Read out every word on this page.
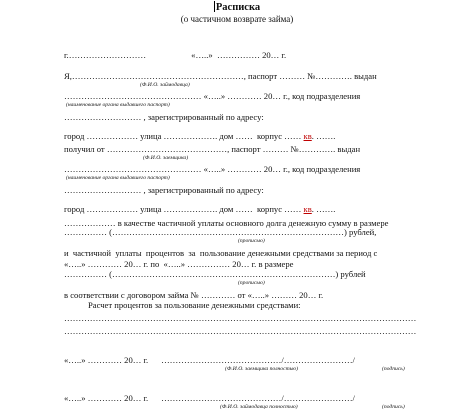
Расписка
(о частичном возврате займа)
г.………………………                     «…..»  …………… 20… г.
Я,……………………………………………………, паспорт ……… №…………. выдан
(Ф.И.О. займодавца)
………………………………………… «…..» ………… 20… г., код подразделения
(наименование органа выдавшего паспорт)
……………………… , зарегистрированный по адресу:
город ……………… улица ………………. дом ……  корпус …… кв. …….
получил от ……………………………………, паспорт ……… №…………. выдан
(Ф.И.О. заемщика)
………………………………………… «…..» ………… 20… г., код подразделения
(наименование органа выдавшего паспорт)
……………………… , зарегистрированный по адресу:
город ……………… улица ………………. дом ……  корпус …… кв. …….
……………… в качестве частичной уплаты основного долга денежную сумму в размере
…………… (………………………………………………………………………) рублей,
(прописью)
и  частичной  уплаты  процентов  за  пользование денежными средствами за период с
«…..» ………… 20… г. по  «…..» …………… 20… г. в размере
…………… (……………………………………………………………………) рублей
(прописью)
в соответствии с договором займа № ………… от «…..» ……… 20… г.
Расчет процентов за пользование денежными средствами:
……………………………………………………………………………………………………………
……………………………………………………………………………………………………………
«…..» ………… 20… г.      ……………………………………/……………………/
(Ф.И.О. заемщика полностью)	(подпись)
«…..» ………… 20… г.      ……………………………………/……………………/
(Ф.И.О. займодавца полностью)	(подпись)
